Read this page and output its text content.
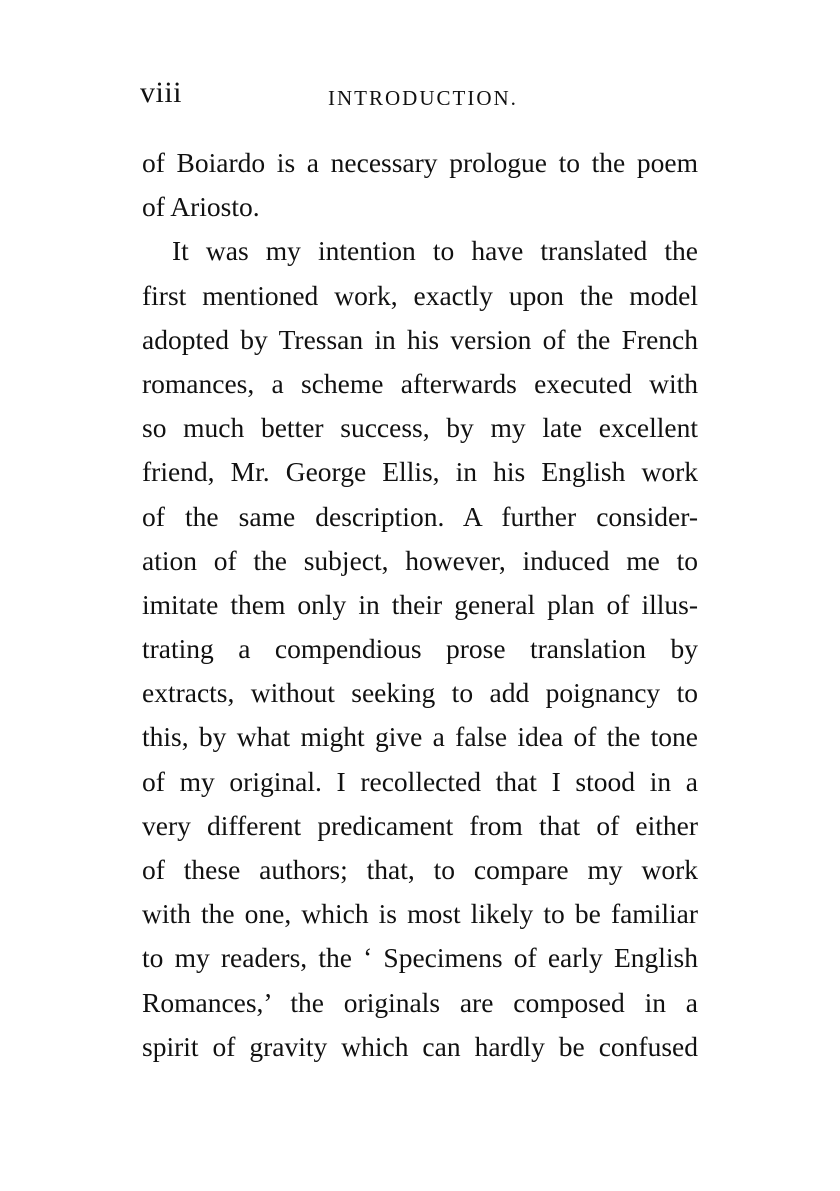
viii	INTRODUCTION.
of Boiardo is a necessary prologue to the poem
of Ariosto.
It was my intention to have translated the
first mentioned work, exactly upon the model
adopted by Tressan in his version of the French
romances, a scheme afterwards executed with
so much better success, by my late excellent
friend, Mr. George Ellis, in his English work
of the same description. A further consider-
ation of the subject, however, induced me to
imitate them only in their general plan of illus-
trating a compendious prose translation by
extracts, without seeking to add poignancy to
this, by what might give a false idea of the tone
of my original. I recollected that I stood in a
very different predicament from that of either
of these authors; that, to compare my work
with the one, which is most likely to be familiar
to my readers, the ‘ Specimens of early English
Romances,’ the originals are composed in a
spirit of gravity which can hardly be confused
